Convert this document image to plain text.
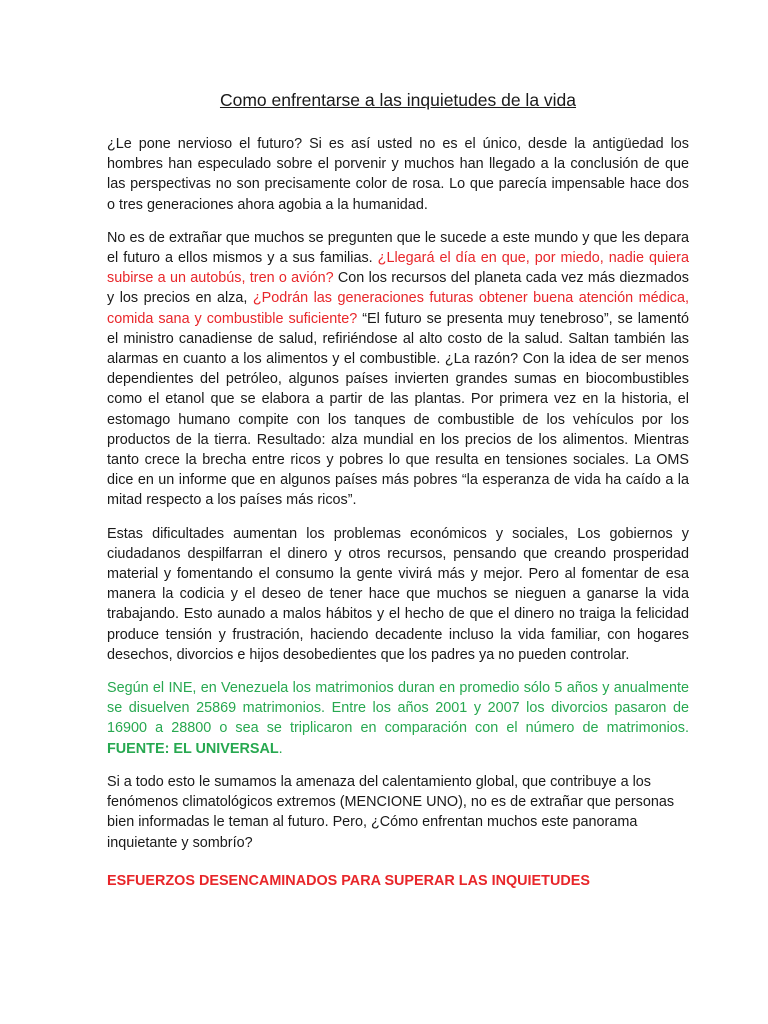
Como enfrentarse a las inquietudes de la vida

¿Le pone nervioso el futuro? Si es así usted no es el único, desde la antigüedad los hombres han especulado sobre el porvenir y muchos han llegado a la conclusión de que las perspectivas no son precisamente color de rosa. Lo que parecía impensable hace dos o tres generaciones ahora agobia a la humanidad.

No es de extrañar que muchos se pregunten que le sucede a este mundo y que les depara el futuro a ellos mismos y a sus familias. ¿Llegará el día en que, por miedo, nadie quiera subirse a un autobús, tren o avión? Con los recursos del planeta cada vez más diezmados y los precios en alza, ¿Podrán las generaciones futuras obtener buena atención médica, comida sana y combustible suficiente? “El futuro se presenta muy tenebroso”, se lamentó el ministro canadiense de salud, refiriéndose al alto costo de la salud. Saltan también las alarmas en cuanto a los alimentos y el combustible. ¿La razón? Con la idea de ser menos dependientes del petróleo, algunos países invierten grandes sumas en biocombustibles como el etanol que se elabora a partir de las plantas. Por primera vez en la historia, el estomago humano compite con los tanques de combustible de los vehículos por los productos de la tierra. Resultado: alza mundial en los precios de los alimentos. Mientras tanto crece la brecha entre ricos y pobres lo que resulta en tensiones sociales. La OMS dice en un informe que en algunos países más pobres “la esperanza de vida ha caído a la mitad respecto a los países más ricos”.

Estas dificultades aumentan los problemas económicos y sociales, Los gobiernos y ciudadanos despilfarran el dinero y otros recursos, pensando que creando prosperidad material y fomentando el consumo la gente vivirá más y mejor. Pero al fomentar de esa manera la codicia y el deseo de tener hace que muchos se nieguen a ganarse la vida trabajando. Esto aunado a malos hábitos y el hecho de que el dinero no traiga la felicidad produce tensión y frustración, haciendo decadente incluso la vida familiar, con hogares desechos, divorcios e hijos desobedientes que los padres ya no pueden controlar.

Según el INE, en Venezuela los matrimonios duran en promedio sólo 5 años y anualmente se disuelven 25869 matrimonios. Entre los años 2001 y 2007 los divorcios pasaron de 16900 a 28800 o sea se triplicaron en comparación con el número de matrimonios. FUENTE: EL UNIVERSAL.

Si a todo esto le sumamos la amenaza del calentamiento global, que contribuye a los fenómenos climatológicos extremos (MENCIONE UNO), no es de extrañar que personas bien informadas le teman al futuro. Pero, ¿Cómo enfrentan muchos este panorama inquietante y sombrío?

ESFUERZOS DESENCAMINADOS PARA SUPERAR LAS INQUIETUDES
